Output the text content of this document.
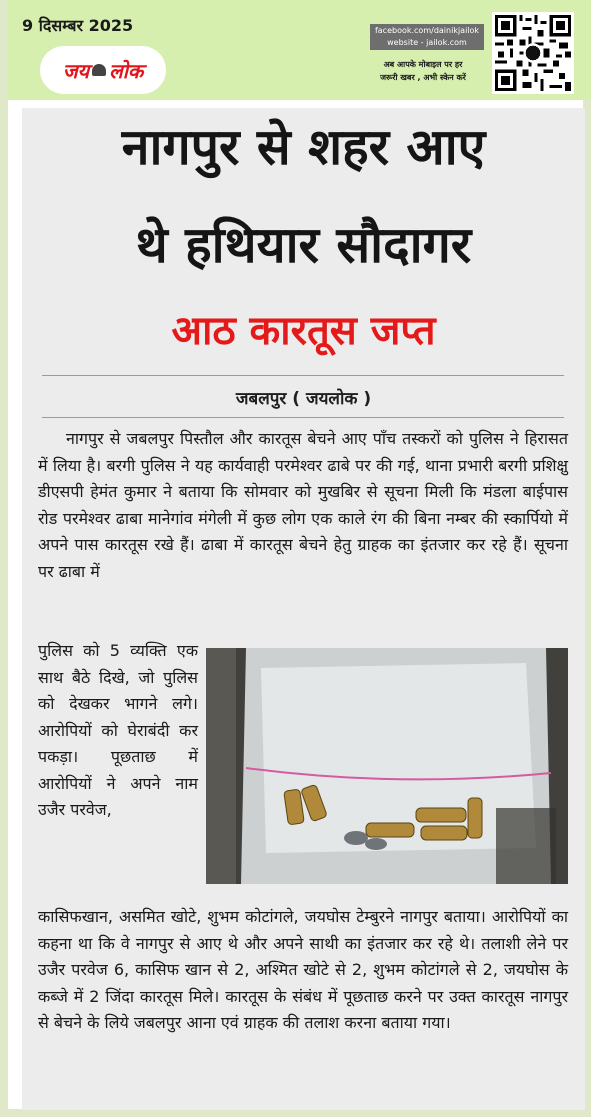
9 दिसम्बर 2025
जय लोक
facebook.com/dainikjailok
website - jailok.com
अब आपके मोबाइल पर हर
जरूरी खबर , अभी स्केन करें
नागपुर से शहर आए
थे हथियार सौदागर
आठ कारतूस जप्त
जबलपुर ( जयलोक )
नागपुर से जबलपुर पिस्तौल और कारतूस बेचने आए पाँच तस्करों को पुलिस ने हिरासत में लिया है। बरगी पुलिस ने यह कार्यवाही परमेश्वर ढाबे पर की गई, थाना प्रभारी बरगी प्रशिक्षु डीएसपी हेमंत कुमार ने बताया कि सोमवार को मुखबिर से सूचना मिली कि मंडला बाईपास रोड परमेश्वर ढाबा मानेगांव मंगेली में कुछ लोग एक काले रंग की बिना नम्बर की स्कार्पियो में अपने पास कारतूस रखे हैं। ढाबा में कारतूस बेचने हेतु ग्राहक का इंतजार कर रहे हैं। सूचना पर ढाबा में
पुलिस को 5 व्यक्ति एक साथ बैठे दिखे, जो पुलिस को देखकर भागने लगे। आरोपियों को घेराबंदी कर पकड़ा। पूछताछ में आरोपियों ने अपने नाम उजैर परवेज,
कासिफखान, असमित खोटे, शुभम कोटांगले, जयघोस टेम्बुरने नागपुर बताया। आरोपियों का कहना था कि वे नागपुर से आए थे और अपने साथी का इंतजार कर रहे थे। तलाशी लेने पर उजैर परवेज 6, कासिफ खान से 2, अश्मित खोटे से 2, शुभम कोटांगले से 2, जयघोस के कब्जे में 2 जिंदा कारतूस मिले। कारतूस के संबंध में पूछताछ करने पर उक्त कारतूस नागपुर से बेचने के लिये जबलपुर आना एवं ग्राहक की तलाश करना बताया गया।
